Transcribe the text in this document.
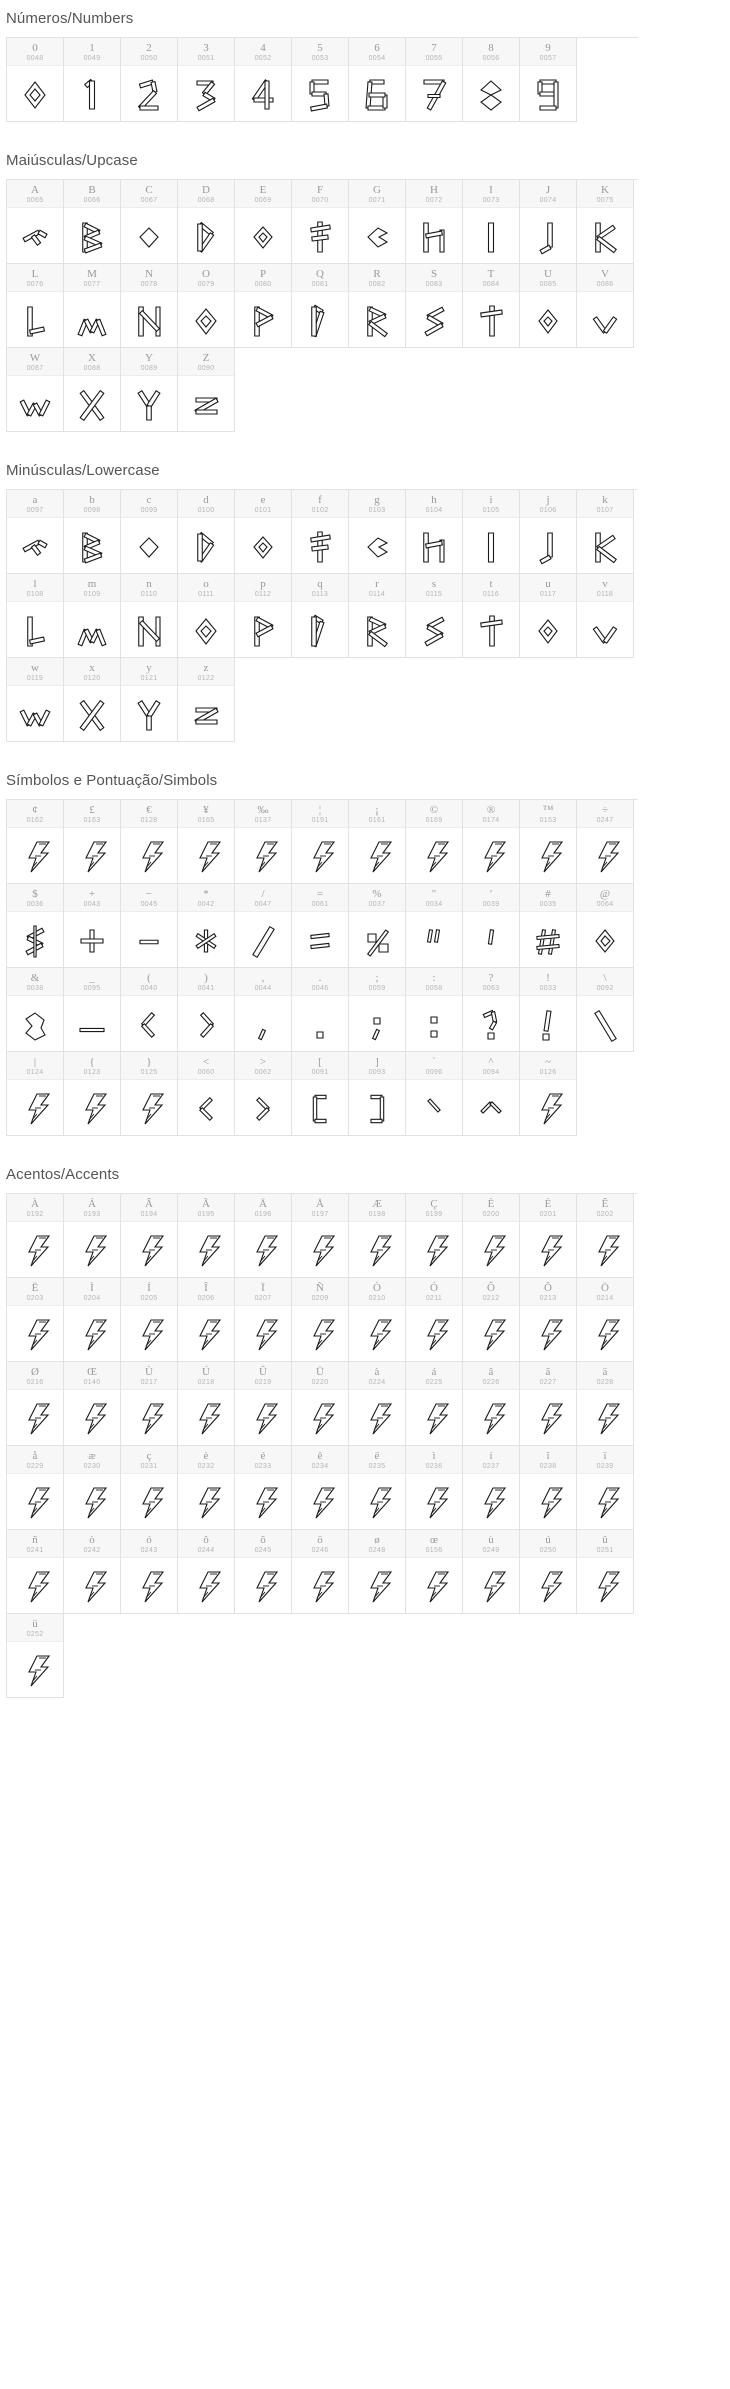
Números/Numbers
0
0048
1
0049
2
0050
3
0051
4
0052
5
0053
6
0054
7
0055
8
0056
9
0057
Maiúsculas/Upcase
A
0065
B
0066
C
0067
D
0068
E
0069
F
0070
G
0071
H
0072
I
0073
J
0074
K
0075
L
0076
M
0077
N
0078
O
0079
P
0080
Q
0081
R
0082
S
0083
T
0084
U
0085
V
0086
W
0087
X
0088
Y
0089
Z
0090
Minúsculas/Lowercase
a
0097
b
0098
c
0099
d
0100
e
0101
f
0102
g
0103
h
0104
i
0105
j
0106
k
0107
l
0108
m
0109
n
0110
o
0111
p
0112
q
0113
r
0114
s
0115
t
0116
u
0117
v
0118
w
0119
x
0120
y
0121
z
0122
Símbolos e Pontuação/Simbols
¢
0162
£
0163
€
0128
¥
0165
‰
0137
¦
0191
¡
0161
©
0169
®
0174
™
0153
÷
0247
$
0036
+
0043
−
0045
*
0042
/
0047
=
0061
%
0037
"
0034
'
0039
#
0035
@
0064
&
0038
_
0095
(
0040
)
0041
,
0044
.
0046
;
0059
:
0058
?
0063
!
0033
\
0092
|
0124
{
0123
}
0125
<
0060
>
0062
[
0091
]
0093
`
0096
^
0094
~
0126
Acentos/Accents
À
0192
Á
0193
Â
0194
Ã
0195
Ä
0196
Å
0197
Æ
0198
Ç
0199
È
0200
É
0201
Ê
0202
Ë
0203
Ì
0204
Í
0205
Î
0206
Ï
0207
Ñ
0209
Ò
0210
Ó
0211
Ô
0212
Õ
0213
Ö
0214
Ø
0216
Œ
0140
Ù
0217
Ú
0218
Û
0219
Ü
0220
à
0224
á
0225
â
0226
ã
0227
ä
0228
å
0229
æ
0230
ç
0231
è
0232
é
0233
ê
0234
ë
0235
ì
0236
í
0237
î
0238
ï
0239
ñ
0241
ò
0242
ó
0243
ô
0244
õ
0245
ö
0246
ø
0248
œ
0156
ù
0249
ú
0250
û
0251
ü
0252
